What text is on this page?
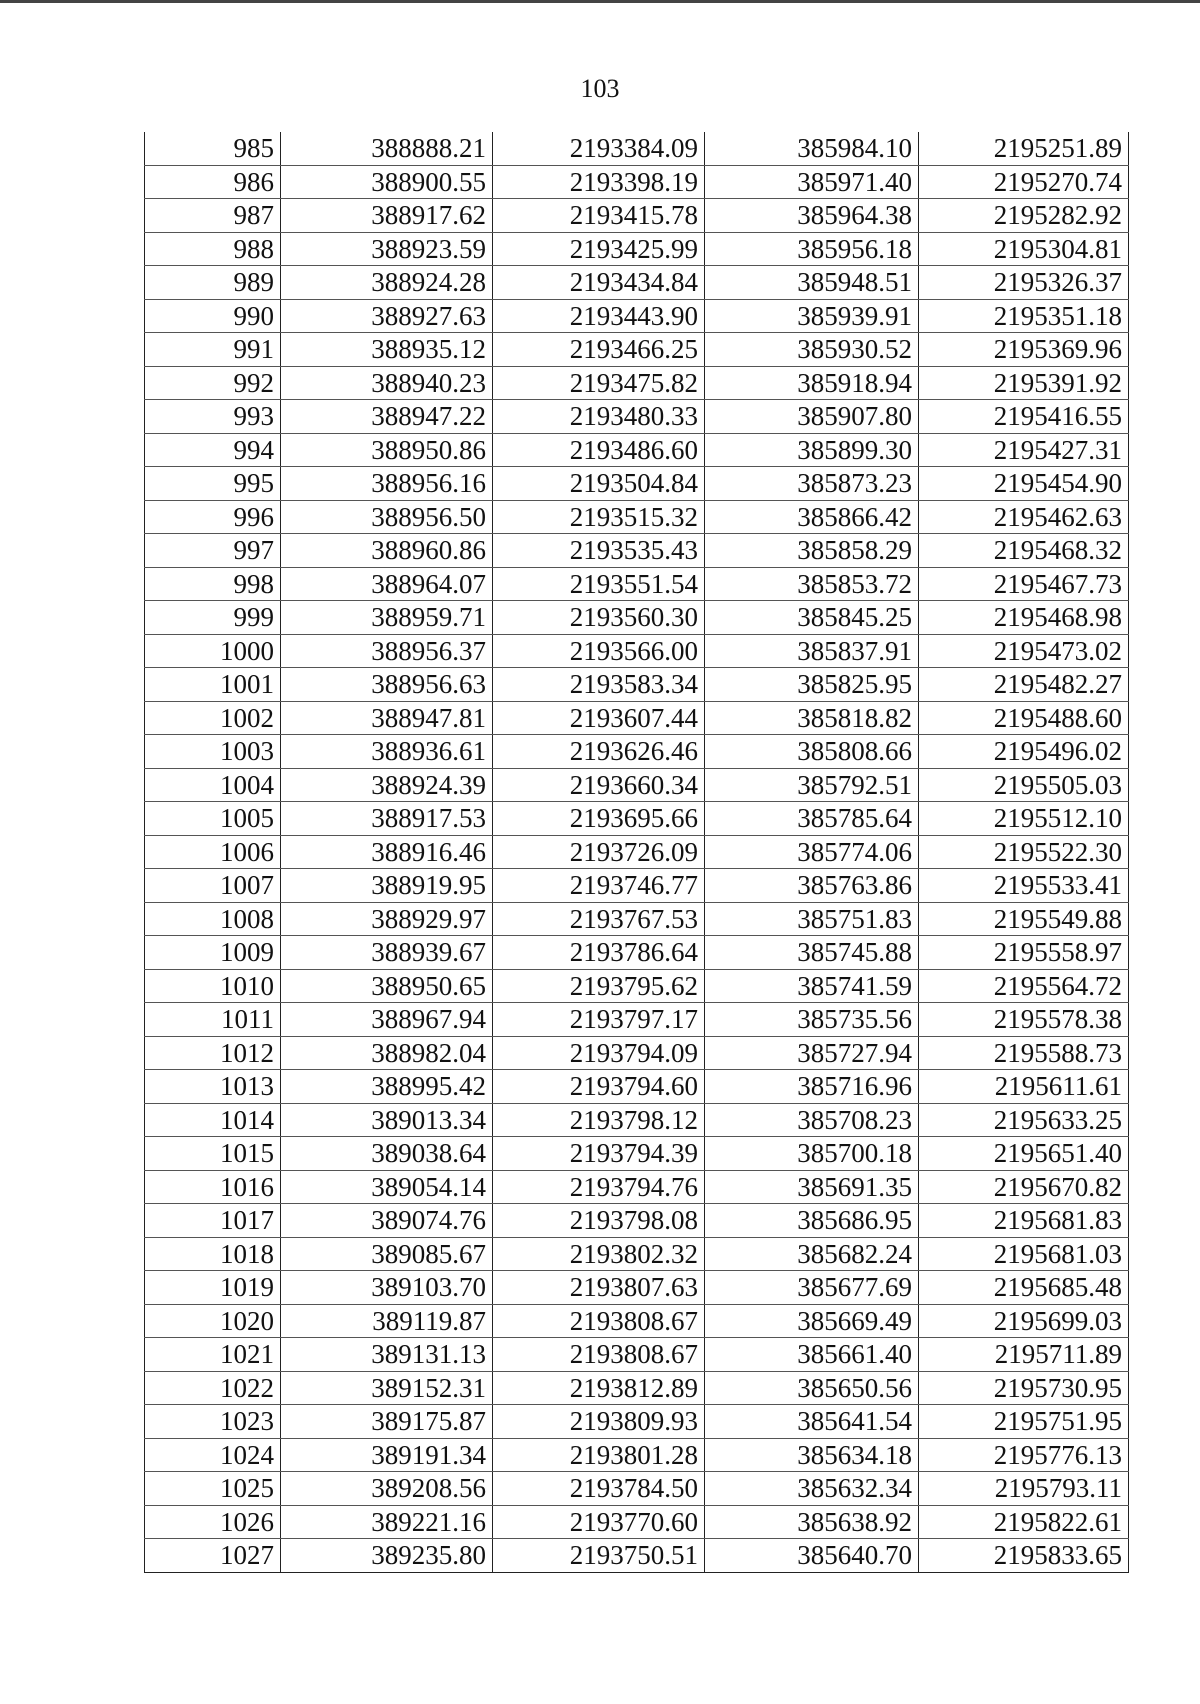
103
985	388888.21	2193384.09	385984.10	2195251.89
986	388900.55	2193398.19	385971.40	2195270.74
987	388917.62	2193415.78	385964.38	2195282.92
988	388923.59	2193425.99	385956.18	2195304.81
989	388924.28	2193434.84	385948.51	2195326.37
990	388927.63	2193443.90	385939.91	2195351.18
991	388935.12	2193466.25	385930.52	2195369.96
992	388940.23	2193475.82	385918.94	2195391.92
993	388947.22	2193480.33	385907.80	2195416.55
994	388950.86	2193486.60	385899.30	2195427.31
995	388956.16	2193504.84	385873.23	2195454.90
996	388956.50	2193515.32	385866.42	2195462.63
997	388960.86	2193535.43	385858.29	2195468.32
998	388964.07	2193551.54	385853.72	2195467.73
999	388959.71	2193560.30	385845.25	2195468.98
1000	388956.37	2193566.00	385837.91	2195473.02
1001	388956.63	2193583.34	385825.95	2195482.27
1002	388947.81	2193607.44	385818.82	2195488.60
1003	388936.61	2193626.46	385808.66	2195496.02
1004	388924.39	2193660.34	385792.51	2195505.03
1005	388917.53	2193695.66	385785.64	2195512.10
1006	388916.46	2193726.09	385774.06	2195522.30
1007	388919.95	2193746.77	385763.86	2195533.41
1008	388929.97	2193767.53	385751.83	2195549.88
1009	388939.67	2193786.64	385745.88	2195558.97
1010	388950.65	2193795.62	385741.59	2195564.72
1011	388967.94	2193797.17	385735.56	2195578.38
1012	388982.04	2193794.09	385727.94	2195588.73
1013	388995.42	2193794.60	385716.96	2195611.61
1014	389013.34	2193798.12	385708.23	2195633.25
1015	389038.64	2193794.39	385700.18	2195651.40
1016	389054.14	2193794.76	385691.35	2195670.82
1017	389074.76	2193798.08	385686.95	2195681.83
1018	389085.67	2193802.32	385682.24	2195681.03
1019	389103.70	2193807.63	385677.69	2195685.48
1020	389119.87	2193808.67	385669.49	2195699.03
1021	389131.13	2193808.67	385661.40	2195711.89
1022	389152.31	2193812.89	385650.56	2195730.95
1023	389175.87	2193809.93	385641.54	2195751.95
1024	389191.34	2193801.28	385634.18	2195776.13
1025	389208.56	2193784.50	385632.34	2195793.11
1026	389221.16	2193770.60	385638.92	2195822.61
1027	389235.80	2193750.51	385640.70	2195833.65
